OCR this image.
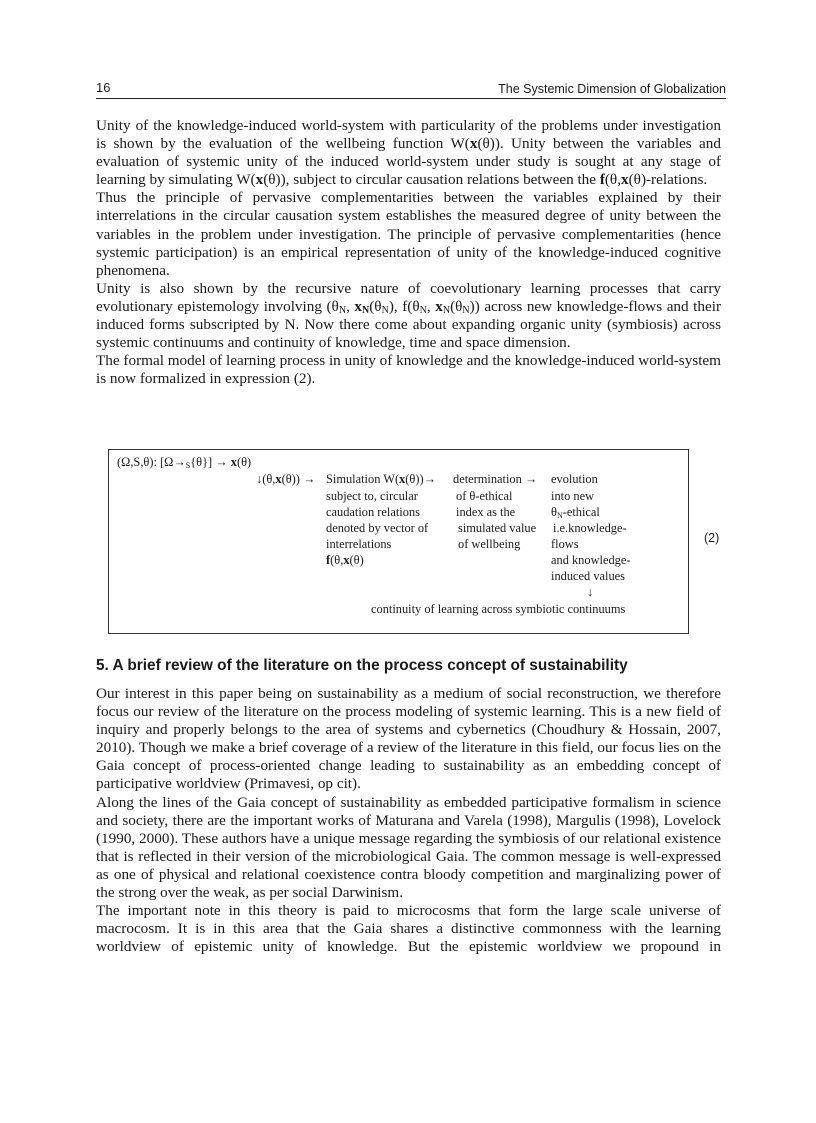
16	The Systemic Dimension of Globalization

Unity of the knowledge-induced world-system with particularity of the problems under investigation is shown by the evaluation of the wellbeing function W(x(θ)). Unity between the variables and evaluation of systemic unity of the induced world-system under study is sought at any stage of learning by simulating W(x(θ)), subject to circular causation relations between the f(θ,x(θ)-relations.

Thus the principle of pervasive complementarities between the variables explained by their interrelations in the circular causation system establishes the measured degree of unity between the variables in the problem under investigation. The principle of pervasive complementarities (hence systemic participation) is an empirical representation of unity of the knowledge-induced cognitive phenomena.

Unity is also shown by the recursive nature of coevolutionary learning processes that carry evolutionary epistemology involving ($\theta_N$, $x_N(\theta_N)$, $f(\theta_N$, $x_N(\theta_N)$) across new knowledge-flows and their induced forms subscripted by N. Now there come about expanding organic unity (symbiosis) across systemic continuums and continuity of knowledge, time and space dimension.

The formal model of learning process in unity of knowledge and the knowledge-induced world-system is now formalized in expression (2).

(Ω,S,θ): $[\Omega\to_S\{\theta\}] \to x(\theta)$
↓(θ,x(θ)) → Simulation W(x(θ))→
subject to, circular
caudation relations
denoted by vector of
interrelations
f(θ,x(θ)
determination →
of θ-ethical
index as the
simulated value
of wellbeing
evolution
into new
$\theta_N$-ethical
i.e.knowledge-
flows
and knowledge-
induced values
↓
continuity of learning across symbiotic continuums
(2)
5. A brief review of the literature on the process concept of sustainability

Our interest in this paper being on sustainability as a medium of social reconstruction, we therefore focus our review of the literature on the process modeling of systemic learning. This is a new field of inquiry and properly belongs to the area of systems and cybernetics (Choudhury & Hossain, 2007, 2010). Though we make a brief coverage of a review of the literature in this field, our focus lies on the Gaia concept of process-oriented change leading to sustainability as an embedding concept of participative worldview (Primavesi, op cit).

Along the lines of the Gaia concept of sustainability as embedded participative formalism in science and society, there are the important works of Maturana and Varela (1998), Margulis (1998), Lovelock (1990, 2000). These authors have a unique message regarding the symbiosis of our relational existence that is reflected in their version of the microbiological Gaia. The common message is well-expressed as one of physical and relational coexistence contra bloody competition and marginalizing power of the strong over the weak, as per social Darwinism.

The important note in this theory is paid to microcosms that form the large scale universe of macrocosm. It is in this area that the Gaia shares a distinctive commonness with the learning worldview of epistemic unity of knowledge. But the epistemic worldview we propound in
